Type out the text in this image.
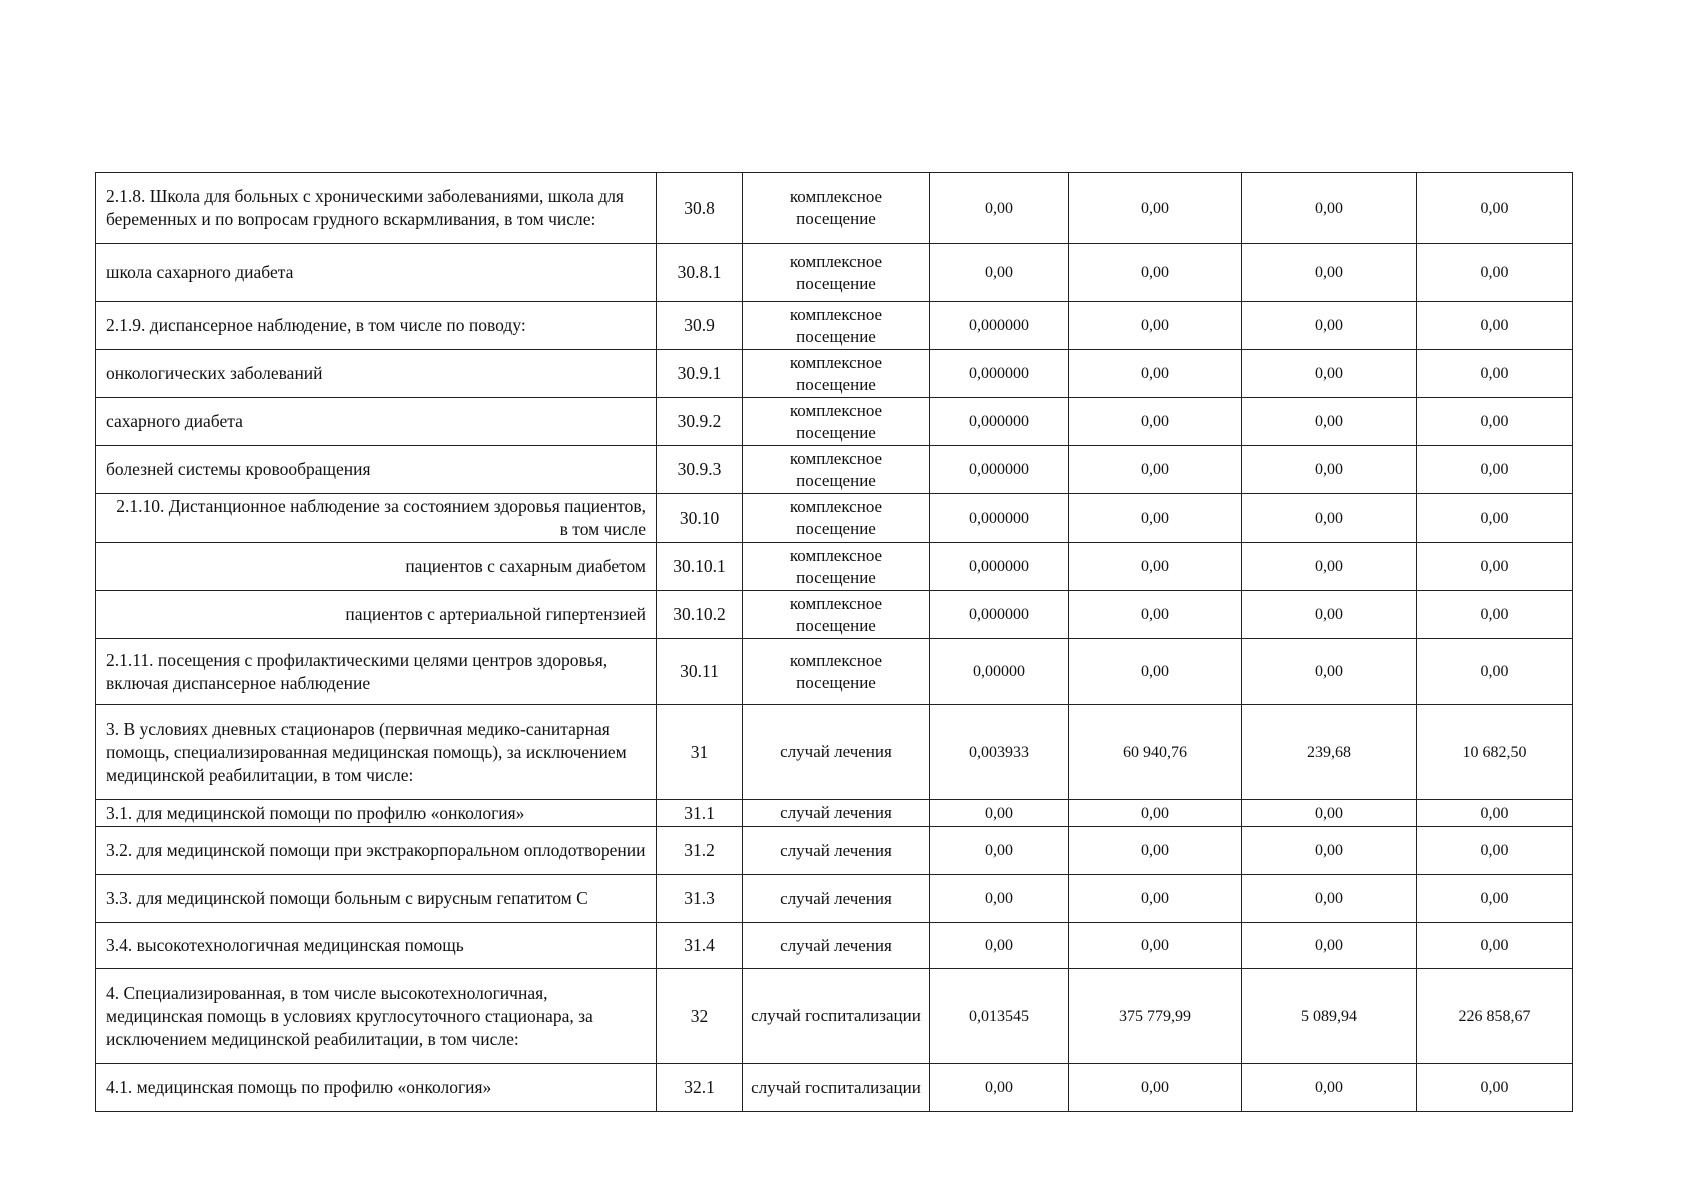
2.1.8. Школа для больных с хроническими заболеваниями, школа для беременных и по вопросам грудного вскармливания, в том числе:	30.8	комплексное посещение	0,00	0,00	0,00	0,00
школа сахарного диабета	30.8.1	комплексное посещение	0,00	0,00	0,00	0,00
2.1.9. диспансерное наблюдение, в том числе по поводу:	30.9	комплексное посещение	0,000000	0,00	0,00	0,00
онкологических заболеваний	30.9.1	комплексное посещение	0,000000	0,00	0,00	0,00
сахарного диабета	30.9.2	комплексное посещение	0,000000	0,00	0,00	0,00
болезней системы кровообращения	30.9.3	комплексное посещение	0,000000	0,00	0,00	0,00
2.1.10. Дистанционное наблюдение за состоянием здоровья пациентов, в том числе	30.10	комплексное посещение	0,000000	0,00	0,00	0,00
пациентов с сахарным диабетом	30.10.1	комплексное посещение	0,000000	0,00	0,00	0,00
пациентов с артериальной гипертензией	30.10.2	комплексное посещение	0,000000	0,00	0,00	0,00
2.1.11. посещения с профилактическими целями центров здоровья, включая диспансерное наблюдение	30.11	комплексное посещение	0,00000	0,00	0,00	0,00
3. В условиях дневных стационаров (первичная медико-санитарная помощь, специализированная медицинская помощь), за исключением медицинской реабилитации, в том числе:	31	случай лечения	0,003933	60 940,76	239,68	10 682,50
3.1. для медицинской помощи по профилю «онкология»	31.1	случай лечения	0,00	0,00	0,00	0,00
3.2. для медицинской помощи при экстракорпоральном оплодотворении	31.2	случай лечения	0,00	0,00	0,00	0,00
3.3. для медицинской помощи больным с вирусным гепатитом С	31.3	случай лечения	0,00	0,00	0,00	0,00
3.4. высокотехнологичная медицинская помощь	31.4	случай лечения	0,00	0,00	0,00	0,00
4. Специализированная, в том числе высокотехнологичная, медицинская помощь в условиях круглосуточного стационара, за исключением медицинской реабилитации, в том числе:	32	случай госпитализации	0,013545	375 779,99	5 089,94	226 858,67
4.1. медицинская помощь по профилю «онкология»	32.1	случай госпитализации	0,00	0,00	0,00	0,00
